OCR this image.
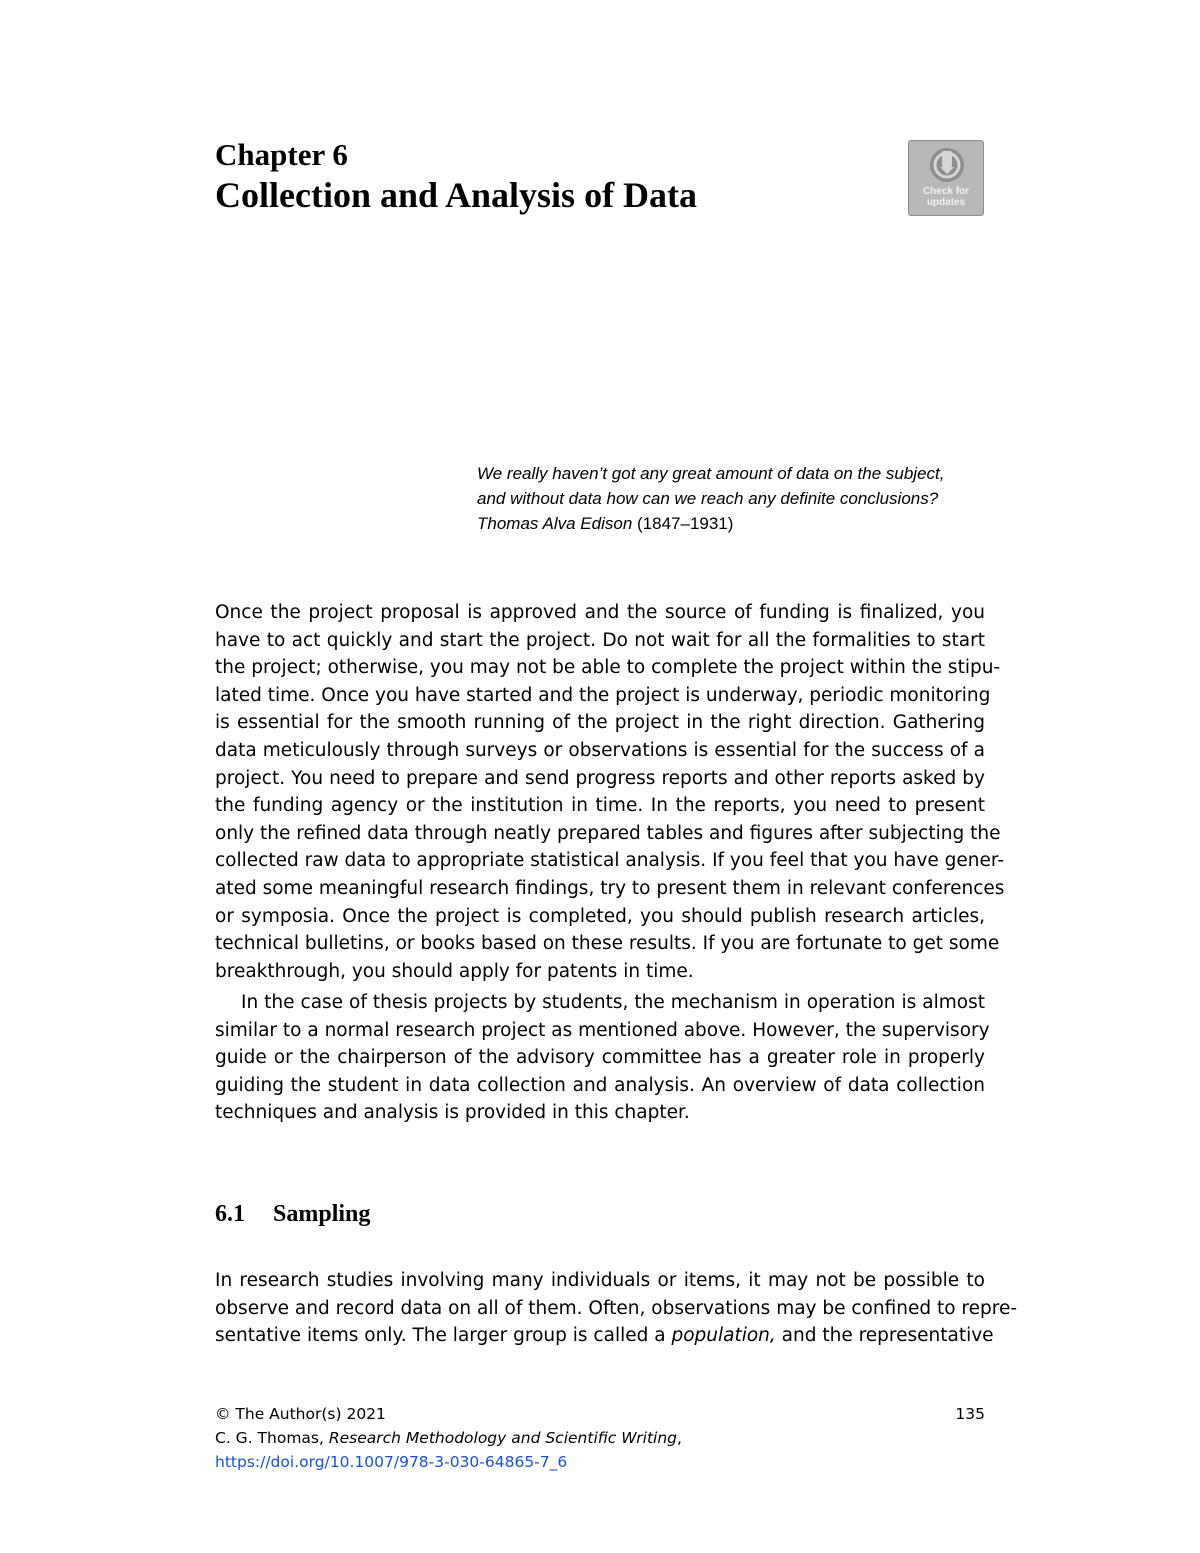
Chapter 6
Collection and Analysis of Data	Check for
updates
We really haven’t got any great amount of data on the subject,
and without data how can we reach any definite conclusions?
Thomas Alva Edison (1847–1931)
Once the project proposal is approved and the source of funding is finalized, you
have to act quickly and start the project. Do not wait for all the formalities to start
the project; otherwise, you may not be able to complete the project within the stipu-
lated time. Once you have started and the project is underway, periodic monitoring
is essential for the smooth running of the project in the right direction. Gathering
data meticulously through surveys or observations is essential for the success of a
project. You need to prepare and send progress reports and other reports asked by
the funding agency or the institution in time. In the reports, you need to present
only the refined data through neatly prepared tables and figures after subjecting the
collected raw data to appropriate statistical analysis. If you feel that you have gener-
ated some meaningful research findings, try to present them in relevant conferences
or symposia. Once the project is completed, you should publish research articles,
technical bulletins, or books based on these results. If you are fortunate to get some
breakthrough, you should apply for patents in time.
In the case of thesis projects by students, the mechanism in operation is almost
similar to a normal research project as mentioned above. However, the supervisory
guide or the chairperson of the advisory committee has a greater role in properly
guiding the student in data collection and analysis. An overview of data collection
techniques and analysis is provided in this chapter.
6.1 Sampling
In research studies involving many individuals or items, it may not be possible to
observe and record data on all of them. Often, observations may be confined to repre-
sentative items only. The larger group is called a population, and the representative
© The Author(s) 2021	135
C. G. Thomas, Research Methodology and Scientific Writing,
https://doi.org/10.1007/978-3-030-64865-7_6
